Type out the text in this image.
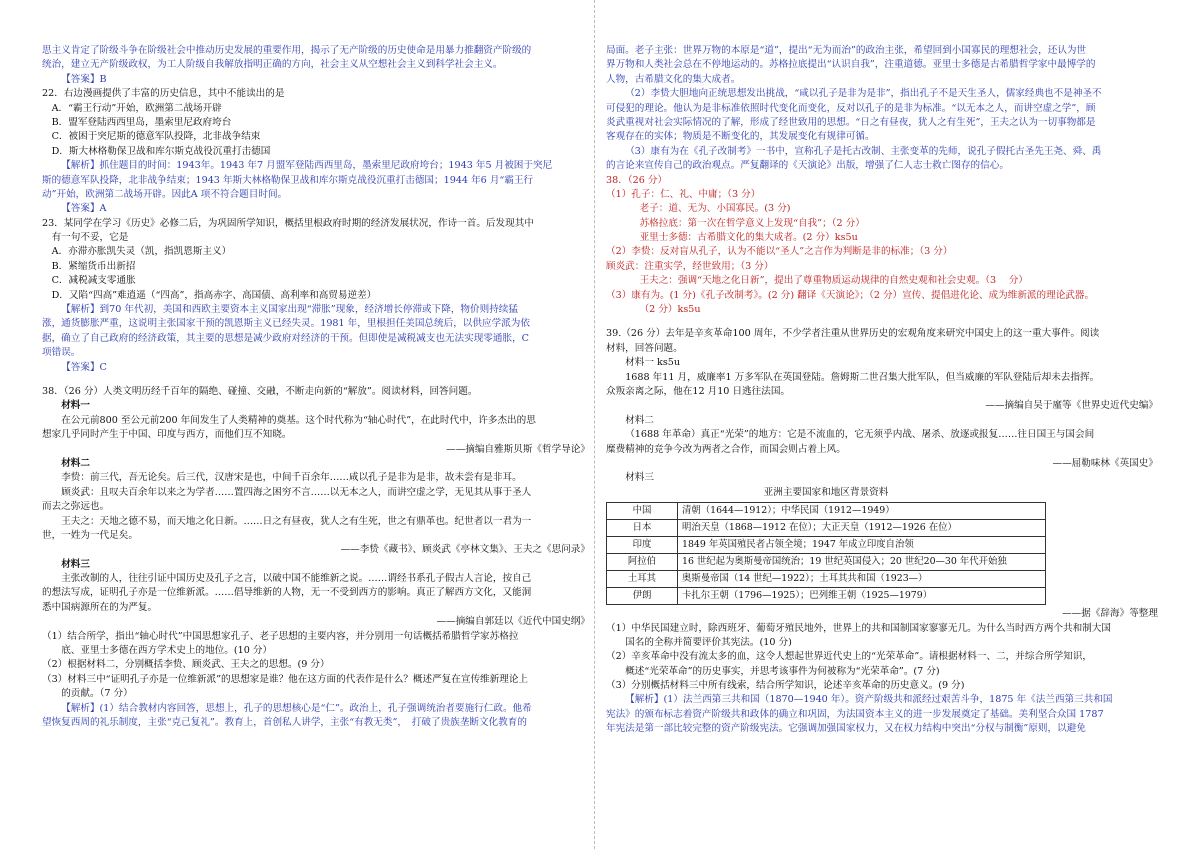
思主义肯定了阶级斗争在阶级社会中推动历史发展的重要作用，揭示了无产阶级的历史使命是用暴力推翻资产阶级的

统治，建立无产阶级政权，为工人阶级自我解放指明正确的方向，社会主义从空想社会主义到科学社会主义。

【答案】B

22．右边漫画提供了丰富的历史信息，其中不能读出的是

A．“霸王行动”开始，欧洲第二战场开辟

B．盟军登陆西西里岛，墨索里尼政府垮台

C．被困于突尼斯的德意军队投降，北非战争结束

D．斯大林格勒保卫战和库尔斯克战役沉重打击德国

【解析】抓住题目的时间：1943年。1943 年7 月盟军登陆西西里岛，墨索里尼政府垮台；1943 年5 月被困于突尼

斯的德意军队投降，北非战争结束；1943 年斯大林格勒保卫战和库尔斯克战役沉重打击德国；1944 年6 月“霸王行

动”开始，欧洲第二战场开辟。因此A 项不符合题目时间。

【答案】A

23．某同学在学习《历史》必修二后，为巩固所学知识，概括里根政府时期的经济发展状况，作诗一首。后发现其中

有一句不妥，它是

A．亦滞亦胀凯失灵（凯，指凯恩斯主义）

B．紧缩货币出新招

C．减税减支零通胀

D．又陷“四高”难逍遥（“四高”，指高赤字、高国债、高利率和高贸易逆差）

【解析】到70 年代初，美国和西欧主要资本主义国家出现“滞胀”现象，经济增长停滞或下降，物价则持续猛

涨，通货膨胀严重，这说明主张国家干预的凯恩斯主义已经失灵。1981 年，里根担任美国总统后，以供应学派为依

据，确立了自己政府的经济政策，其主要的思想是减少政府对经济的干预。但即使是减税减支也无法实现零通胀，C

项错误。

【答案】C

38．（26 分）人类文明历经千百年的隔绝、碰撞、交融，不断走向新的“解放”。阅读材料，回答问题。

材料一

在公元前800 至公元前200 年间发生了人类精神的奠基。这个时代称为“轴心时代”，在此时代中，许多杰出的思

想家几乎同时产生于中国、印度与西方，而他们互不知晓。

——摘编自雅斯贝斯《哲学导论》

材料二

李贽：前三代，吾无论矣。后三代，汉唐宋是也，中间千百余年……咸以孔子是非为是非，故未尝有是非耳。

顾炎武：且叹夫百余年以来之为学者……置四海之困穷不言……以无本之人，而讲空虚之学，无见其从事于圣人

而去之弥远也。

王夫之：天地之德不易，而天地之化日新。……日之有昼夜，犹人之有生死，世之有鼎革也。纪世者以一君为一

世，一姓为一代足矣。

——李贽《藏书》、顾炎武《亭林文集》、王夫之《思问录》

材料三

主张改制的人，往往引证中国历史及孔子之言，以破中国不能维新之说。……谓经书系孔子假古人言论，按自己

的想法写成，证明孔子亦是一位维新派。……倡导维新的人物，无一不受到西方的影响。真正了解西方文化，又能洞

悉中国病源所在的为严复。

——摘编自郭廷以《近代中国史纲》

（1）结合所学，指出“轴心时代”中国思想家孔子、老子思想的主要内容，并分别用一句话概括希腊哲学家苏格拉

底、亚里士多德在西方学术史上的地位。(10 分）

（2）根据材料二，分别概括李贽、顾炎武、王夫之的思想。(9 分）

（3）材料三中“证明孔子亦是一位维新派”的思想家是谁？他在这方面的代表作是什么？概述严复在宣传维新理论上

的贡献。（7 分）

【解析】(1）结合教材内容回答，思想上，孔子的思想核心是“仁”。政治上，孔子强调统治者要施行仁政。他希

望恢复西周的礼乐制度，主张“克己复礼”。教育上，首创私人讲学，主张“有教无类”，　打破了贵族垄断文化教育的

局面。老子主张：世界万物的本原是“道”，提出“无为而治”的政治主张，希望回到小国寡民的理想社会，还认为世

界万物和人类社会总在不停地运动的。苏格拉底提出“认识自我”，注重道德。亚里士多德是古希腊哲学家中最博学的

人物，古希腊文化的集大成者。

（2）李贽大胆地向正统思想发出挑战，“咸以孔子是非为是非”，指出孔子不是天生圣人，儒家经典也不是神圣不

可侵犯的理论。他认为是非标准依照时代变化而变化，反对以孔子的是非为标准。“以无本之人，而讲空虚之学”，顾

炎武重视对社会实际情况的了解，形成了经世致用的思想。“日之有昼夜，犹人之有生死”，王夫之认为一切事物都是

客观存在的实体；物质是不断变化的，其发展变化有规律可循。

（3）康有为在《孔子改制考》一书中，宣称孔子是托古改制、主张变革的先师，说孔子假托古圣先王尧、舜、禹

的言论来宣传自己的政治观点。严复翻译的《天演论》出版，增强了仁人志士救亡图存的信心。

38．（26 分）

（1）孔子：仁、礼、中庸；（3 分）

老子：道、无为、小国寡民。(3 分)

苏格拉底：第一次在哲学意义上发现“自我”；（2 分）

亚里士多德：古希腊文化的集大成者。(2 分）ks5u

（2）李贽：反对盲从孔子，认为不能以“圣人”之言作为判断是非的标准；（3 分）

顾炎武：注重实学，经世致用；（3 分）

王夫之：强调“天地之化日新”，提出了尊重物质运动规律的自然史观和社会史观。（3　 分）

（3）康有为。(1 分)《孔子改制考》。(2 分) 翻译《天演论》；（2 分）宣传、提倡进化论、成为维新派的理论武器。

（2 分）ks5u

39.（26 分）去年是辛亥革命100 周年，不少学者注重从世界历史的宏观角度来研究中国史上的这一重大事件。阅读

材料，回答问题。

材料一 ks5u

1688 年11 月，威廉率1 万多军队在英国登陆。詹姆斯二世召集大批军队，但当威廉的军队登陆后却未去指挥。

众叛亲离之际，他在12 月10 日逃往法国。

——摘编自吴于廑等《世界史近代史编》

材料二

（1688 年革命）真正“光荣”的地方：它是不流血的，它无须乎内战、屠杀、放逐或报复……往日国王与国会间

糜费精神的竞争今改为两者之合作，而国会则占着上风。

——屈勒味林《英国史》

材料三

亚洲主要国家和地区背景资料
中国	清朝（1644—1912）；中华民国（1912—1949）
日本	明治天皇（1868—1912 在位）；大正天皇（1912—1926 在位）
印度	1849 年英国殖民者占领全境；1947 年成立印度自治领
阿拉伯	16 世纪起为奥斯曼帝国统治；19 世纪英国侵入；20 世纪20—30 年代开始独
土耳其	奥斯曼帝国（14 世纪—1922）；土耳其共和国（1923—）
伊朗	卡扎尔王朝（1796—1925）；巴列维王朝（1925—1979）

——据《辞海》等整理

（1）中华民国建立时，除西班牙、葡萄牙殖民地外，世界上的共和国制国家寥寥无几。为什么当时西方两个共和制大国

国名的全称并简要评价其宪法。(10 分)

（2）辛亥革命中没有流太多的血，这令人想起世界近代史上的“光荣革命”。请根据材料一、二，并综合所学知识，

概述“光荣革命”的历史事实，并思考该事件为何被称为“光荣革命”。(7 分)

（3）分别概括材料三中所有线索，结合所学知识，论述辛亥革命的历史意义。(9 分)

【解析】(1）法兰西第三共和国（1870—1940 年）。资产阶级共和派经过艰苦斗争，1875 年《法兰西第三共和国

宪法》的颁布标志着资产阶级共和政体的确立和巩固，为法国资本主义的进一步发展奠定了基础。美利坚合众国 1787

年宪法是第一部比较完整的资产阶级宪法。它强调加强国家权力，又在权力结构中突出“分权与制衡”原则，以避免
